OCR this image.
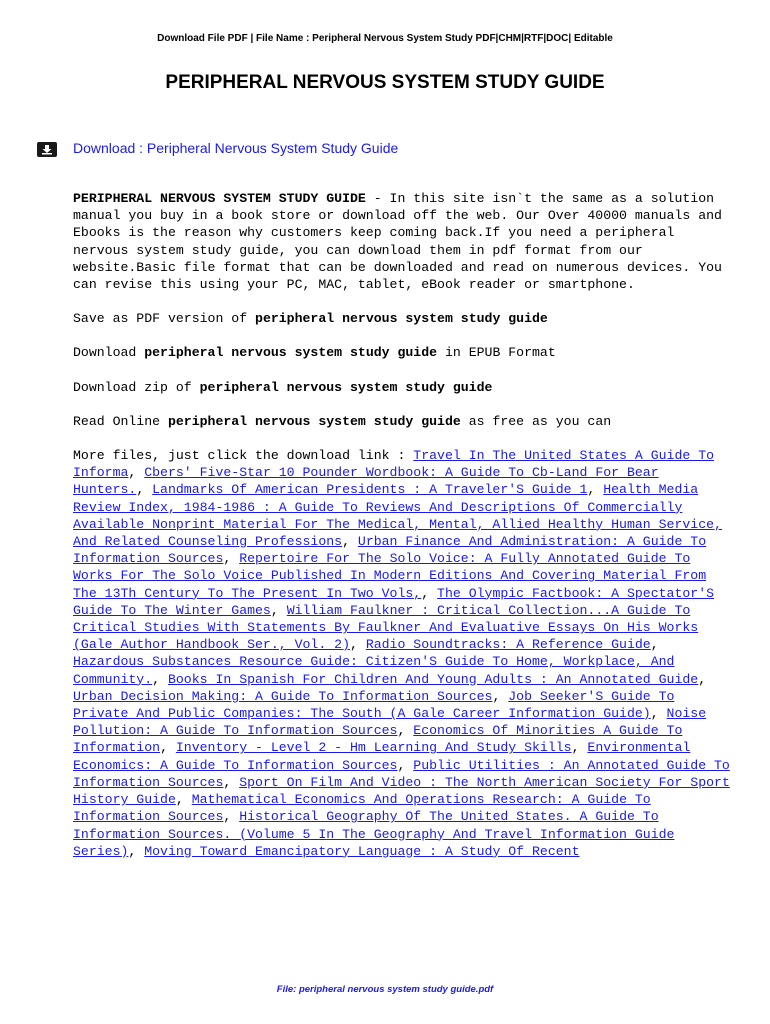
Download File PDF | File Name : Peripheral Nervous System Study PDF|CHM|RTF|DOC| Editable
PERIPHERAL NERVOUS SYSTEM STUDY GUIDE
Download : Peripheral Nervous System Study Guide

PERIPHERAL NERVOUS SYSTEM STUDY GUIDE - In this site isn`t the same as a solution manual you buy in a book store or download off the web. Our Over 40000 manuals and Ebooks is the reason why customers keep coming back.If you need a peripheral nervous system study guide, you can download them in pdf format from our website.Basic file format that can be downloaded and read on numerous devices. You can revise this using your PC, MAC, tablet, eBook reader or smartphone.

Save as PDF version of peripheral nervous system study guide

Download peripheral nervous system study guide in EPUB Format

Download zip of peripheral nervous system study guide

Read Online peripheral nervous system study guide as free as you can

More files, just click the download link : Travel In The United States A Guide To Informa, Cbers' Five-Star 10 Pounder Wordbook: A Guide To Cb-Land For Bear Hunters., Landmarks Of American Presidents : A Traveler'S Guide 1, Health Media Review Index, 1984-1986 : A Guide To Reviews And Descriptions Of Commercially Available Nonprint Material For The Medical, Mental, Allied Healthy Human Service, And Related Counseling Professions, Urban Finance And Administration: A Guide To Information Sources, Repertoire For The Solo Voice: A Fully Annotated Guide To Works For The Solo Voice Published In Modern Editions And Covering Material From The 13Th Century To The Present In Two Vols,, The Olympic Factbook: A Spectator'S Guide To The Winter Games, William Faulkner : Critical Collection...A Guide To Critical Studies With Statements By Faulkner And Evaluative Essays On His Works (Gale Author Handbook Ser., Vol. 2), Radio Soundtracks: A Reference Guide, Hazardous Substances Resource Guide: Citizen'S Guide To Home, Workplace, And Community., Books In Spanish For Children And Young Adults : An Annotated Guide, Urban Decision Making: A Guide To Information Sources, Job Seeker'S Guide To Private And Public Companies: The South (A Gale Career Information Guide), Noise Pollution: A Guide To Information Sources, Economics Of Minorities A Guide To Information, Inventory - Level 2 - Hm Learning And Study Skills, Environmental Economics: A Guide To Information Sources, Public Utilities : An Annotated Guide To Information Sources, Sport On Film And Video : The North American Society For Sport History Guide, Mathematical Economics And Operations Research: A Guide To Information Sources, Historical Geography Of The United States. A Guide To Information Sources. (Volume 5 In The Geography And Travel Information Guide Series), Moving Toward Emancipatory Language : A Study Of Recent

File: peripheral nervous system study guide.pdf
